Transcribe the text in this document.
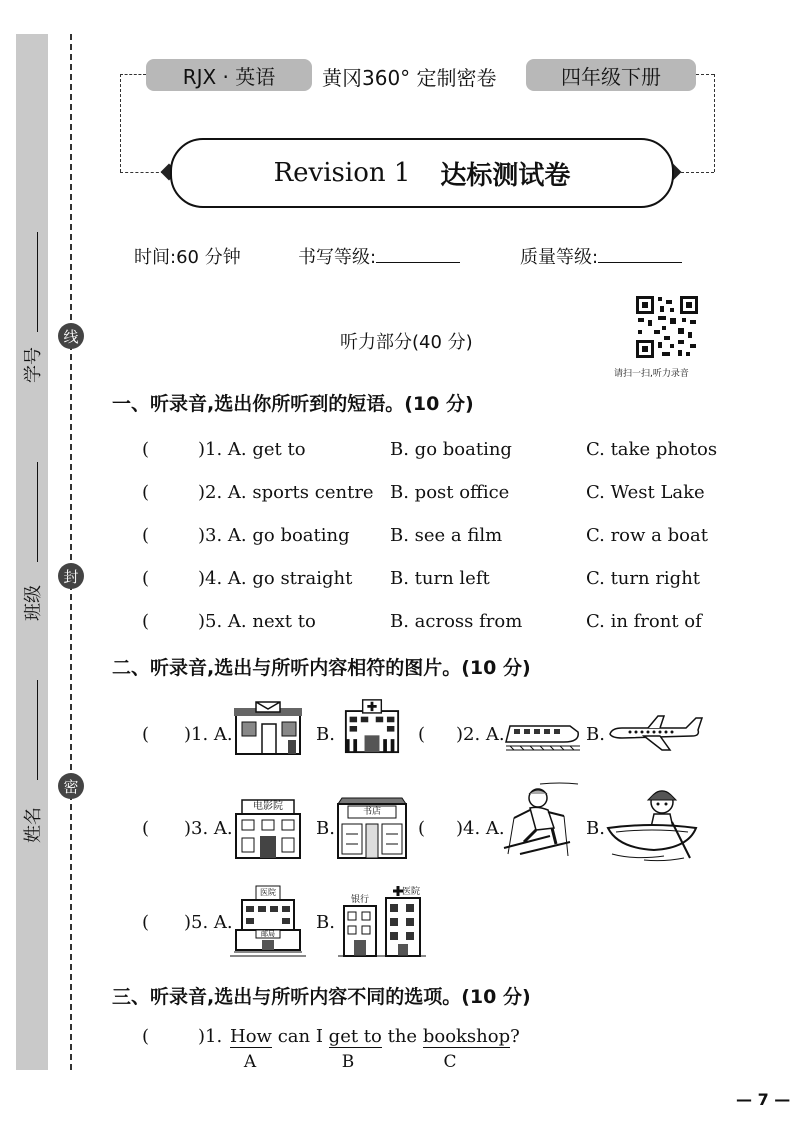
学号
班级
姓名
线
封
密
RJX · 英语	黄冈360° 定制密卷	四年级下册
Revision 1 达标测试卷
时间:60 分钟	书写等级:	质量等级:
听力部分(40 分)
请扫一扫,听力录音
一、听录音,选出你所听到的短语。(10 分)
(	)1. A. get to	B. go boating	C. take photos
(	)2. A. sports centre B. post office	C. West Lake
(	)3. A. go boating B. see a film	C. row a boat
(	)4. A. go straight B. turn left	C. turn right
(	)5. A. next to	B. across from	C. in front of
二、听录音,选出与所听内容相符的图片。(10 分)
( )1. A.	B.	( )2. A.	B.
( )3. A.
电影院
B.
书店
( )4. A.	B.
( )5. A.
医院
邮局
B.
银行
医院
三、听录音,选出与所听内容不同的选项。(10 分)
(	)1. How can I get to the bookshop?
A	B	C
— 7 —
